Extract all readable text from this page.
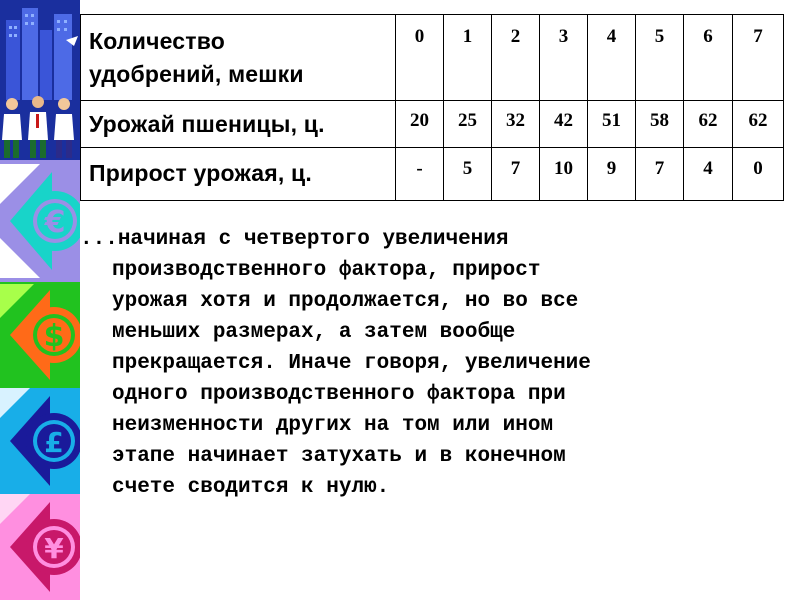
€
$
£
¥
Количество
удобрений, мешки	0	1	2	3	4	5	6	7
Урожай пшеницы, ц.	20	25	32	42	51	58	62	62
Прирост урожая, ц.	-	5	7	10	9	7	4	0
...начиная с четвертого увеличения
производственного фактора, прирост
урожая хотя и продолжается, но во все
меньших размерах, а затем вообще
прекращается. Иначе говоря, увеличение
одного производственного фактора при
неизменности других на том или ином
этапе начинает затухать и в конечном
счете сводится к нулю.
